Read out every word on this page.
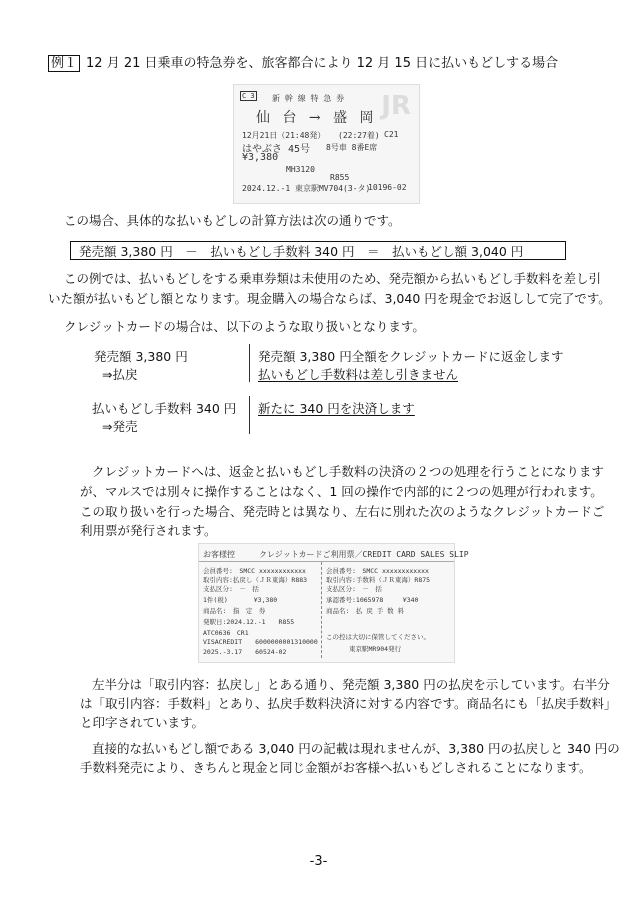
例１ 12 月 21 日乗車の特急券を、旅客都合により 12 月 15 日に払いもどしする場合
C 3 新 幹 線 特 急 券 JR
仙 台 → 盛 岡
12月21日（21:48発） (22:27着) C21
はやぶさ 45号 8号車 8番E席
¥3,380
MH3120
R855
2024.12.-1 東京駅MV704(3-タ)
10196-02
この場合、具体的な払いもどしの計算方法は次の通りです。
発売額 3,380 円　－　払いもどし手数料 340 円　＝　払いもどし額 3,040 円
この例では、払いもどしをする乗車券類は未使用のため、発売額から払いもどし手数料を差し引
いた額が払いもどし額となります。現金購入の場合ならば、3,040 円を現金でお返しして完了です。
クレジットカードの場合は、以下のような取り扱いとなります。
発売額 3,380 円
⇒払戻
発売額 3,380 円全額をクレジットカードに返金します
払いもどし手数料は差し引きません
払いもどし手数料 340 円
⇒発売
新たに 340 円を決済します
クレジットカードへは、返金と払いもどし手数料の決済の２つの処理を行うことになります
が、マルスでは別々に操作することはなく、1 回の操作で内部的に２つの処理が行われます。
この取り扱いを行った場合、発売時とは異なり、左右に別れた次のようなクレジットカードご
利用票が発行されます。
お客様控	クレジットカードご利用票／CREDIT CARD SALES SLIP
会員番号:　SMCC xxxxxxxxxxxx
取引内容:払戻し（ＪＲ東海）R883
支払区分:　－　括
1件(税)　　　　¥3,380
商品名:　指　定　券
発駅日:2024.12.-1　　R855
ATC0636　CR1
VISACREDIT　　6000000001310000
2025.-3.17　　60524-02
会員番号:　SMCC xxxxxxxxxxxx
取引内容:手数料（ＪＲ東海）R875
支払区分:　－　括
承認番号:1065978　　　¥340
商品名:　払 戻 手 数 料
この控は大切に保管してください。
東京駅MR904発行
左半分は「取引内容：払戻し」とある通り、発売額 3,380 円の払戻を示しています。右半分
は「取引内容：手数料」とあり、払戻手数料決済に対する内容です。商品名にも「払戻手数料」
と印字されています。
直接的な払いもどし額である 3,040 円の記載は現れませんが、3,380 円の払戻しと 340 円の
手数料発売により、きちんと現金と同じ金額がお客様へ払いもどしされることになります。
-3-
